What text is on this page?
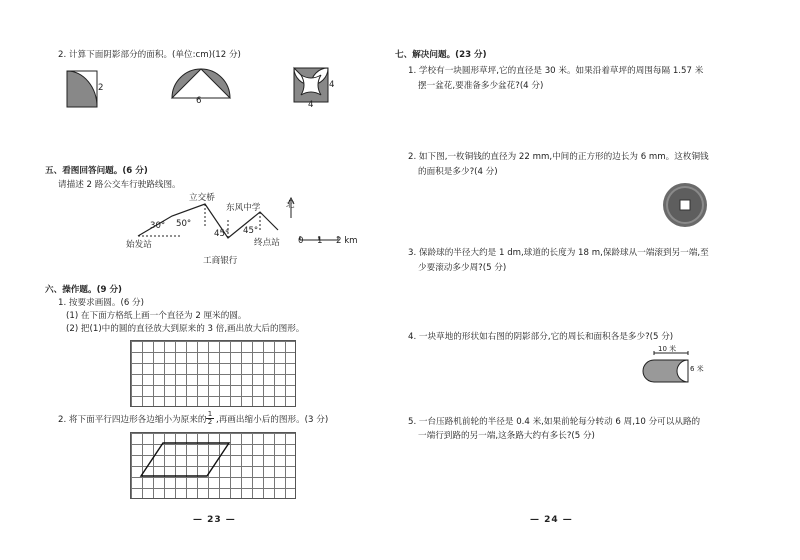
2. 计算下面阴影部分的面积。(单位:cm)(12 分)
2
6
4
4
五、看图回答问题。(6 分)
请描述 2 路公交车行驶路线图。
始发站
30°
立交桥
50°
45°
工商银行
东风中学
45°
终点站
北
0 1 2 km
六、操作题。(9 分)
1. 按要求画圆。(6 分)
(1) 在下面方格纸上画一个直径为 2 厘米的圆。
(2) 把(1)中的圆的直径放大到原来的 3 倍,画出放大后的图形。
2. 将下面平行四边形各边缩小为原来的 $\frac{1}{2}$ ,再画出缩小后的图形。(3 分)
— 23 —
七、解决问题。(23 分)
1. 学校有一块圆形草坪,它的直径是 30 米。如果沿着草坪的周围每隔 1.57 米
摆一盆花,要准备多少盆花?(4 分)
2. 如下图,一枚铜钱的直径为 22 mm,中间的正方形的边长为 6 mm。这枚铜钱
的面积是多少?(4 分)
3. 保龄球的半径大约是 1 dm,球道的长度为 18 m,保龄球从一端滚到另一端,至
少要滚动多少周?(5 分)
4. 一块草地的形状如右图的阴影部分,它的周长和面积各是多少?(5 分)
10 米
6 米
5. 一台压路机前轮的半径是 0.4 米,如果前轮每分转动 6 周,10 分可以从路的
一端行到路的另一端,这条路大约有多长?(5 分)
— 24 —
